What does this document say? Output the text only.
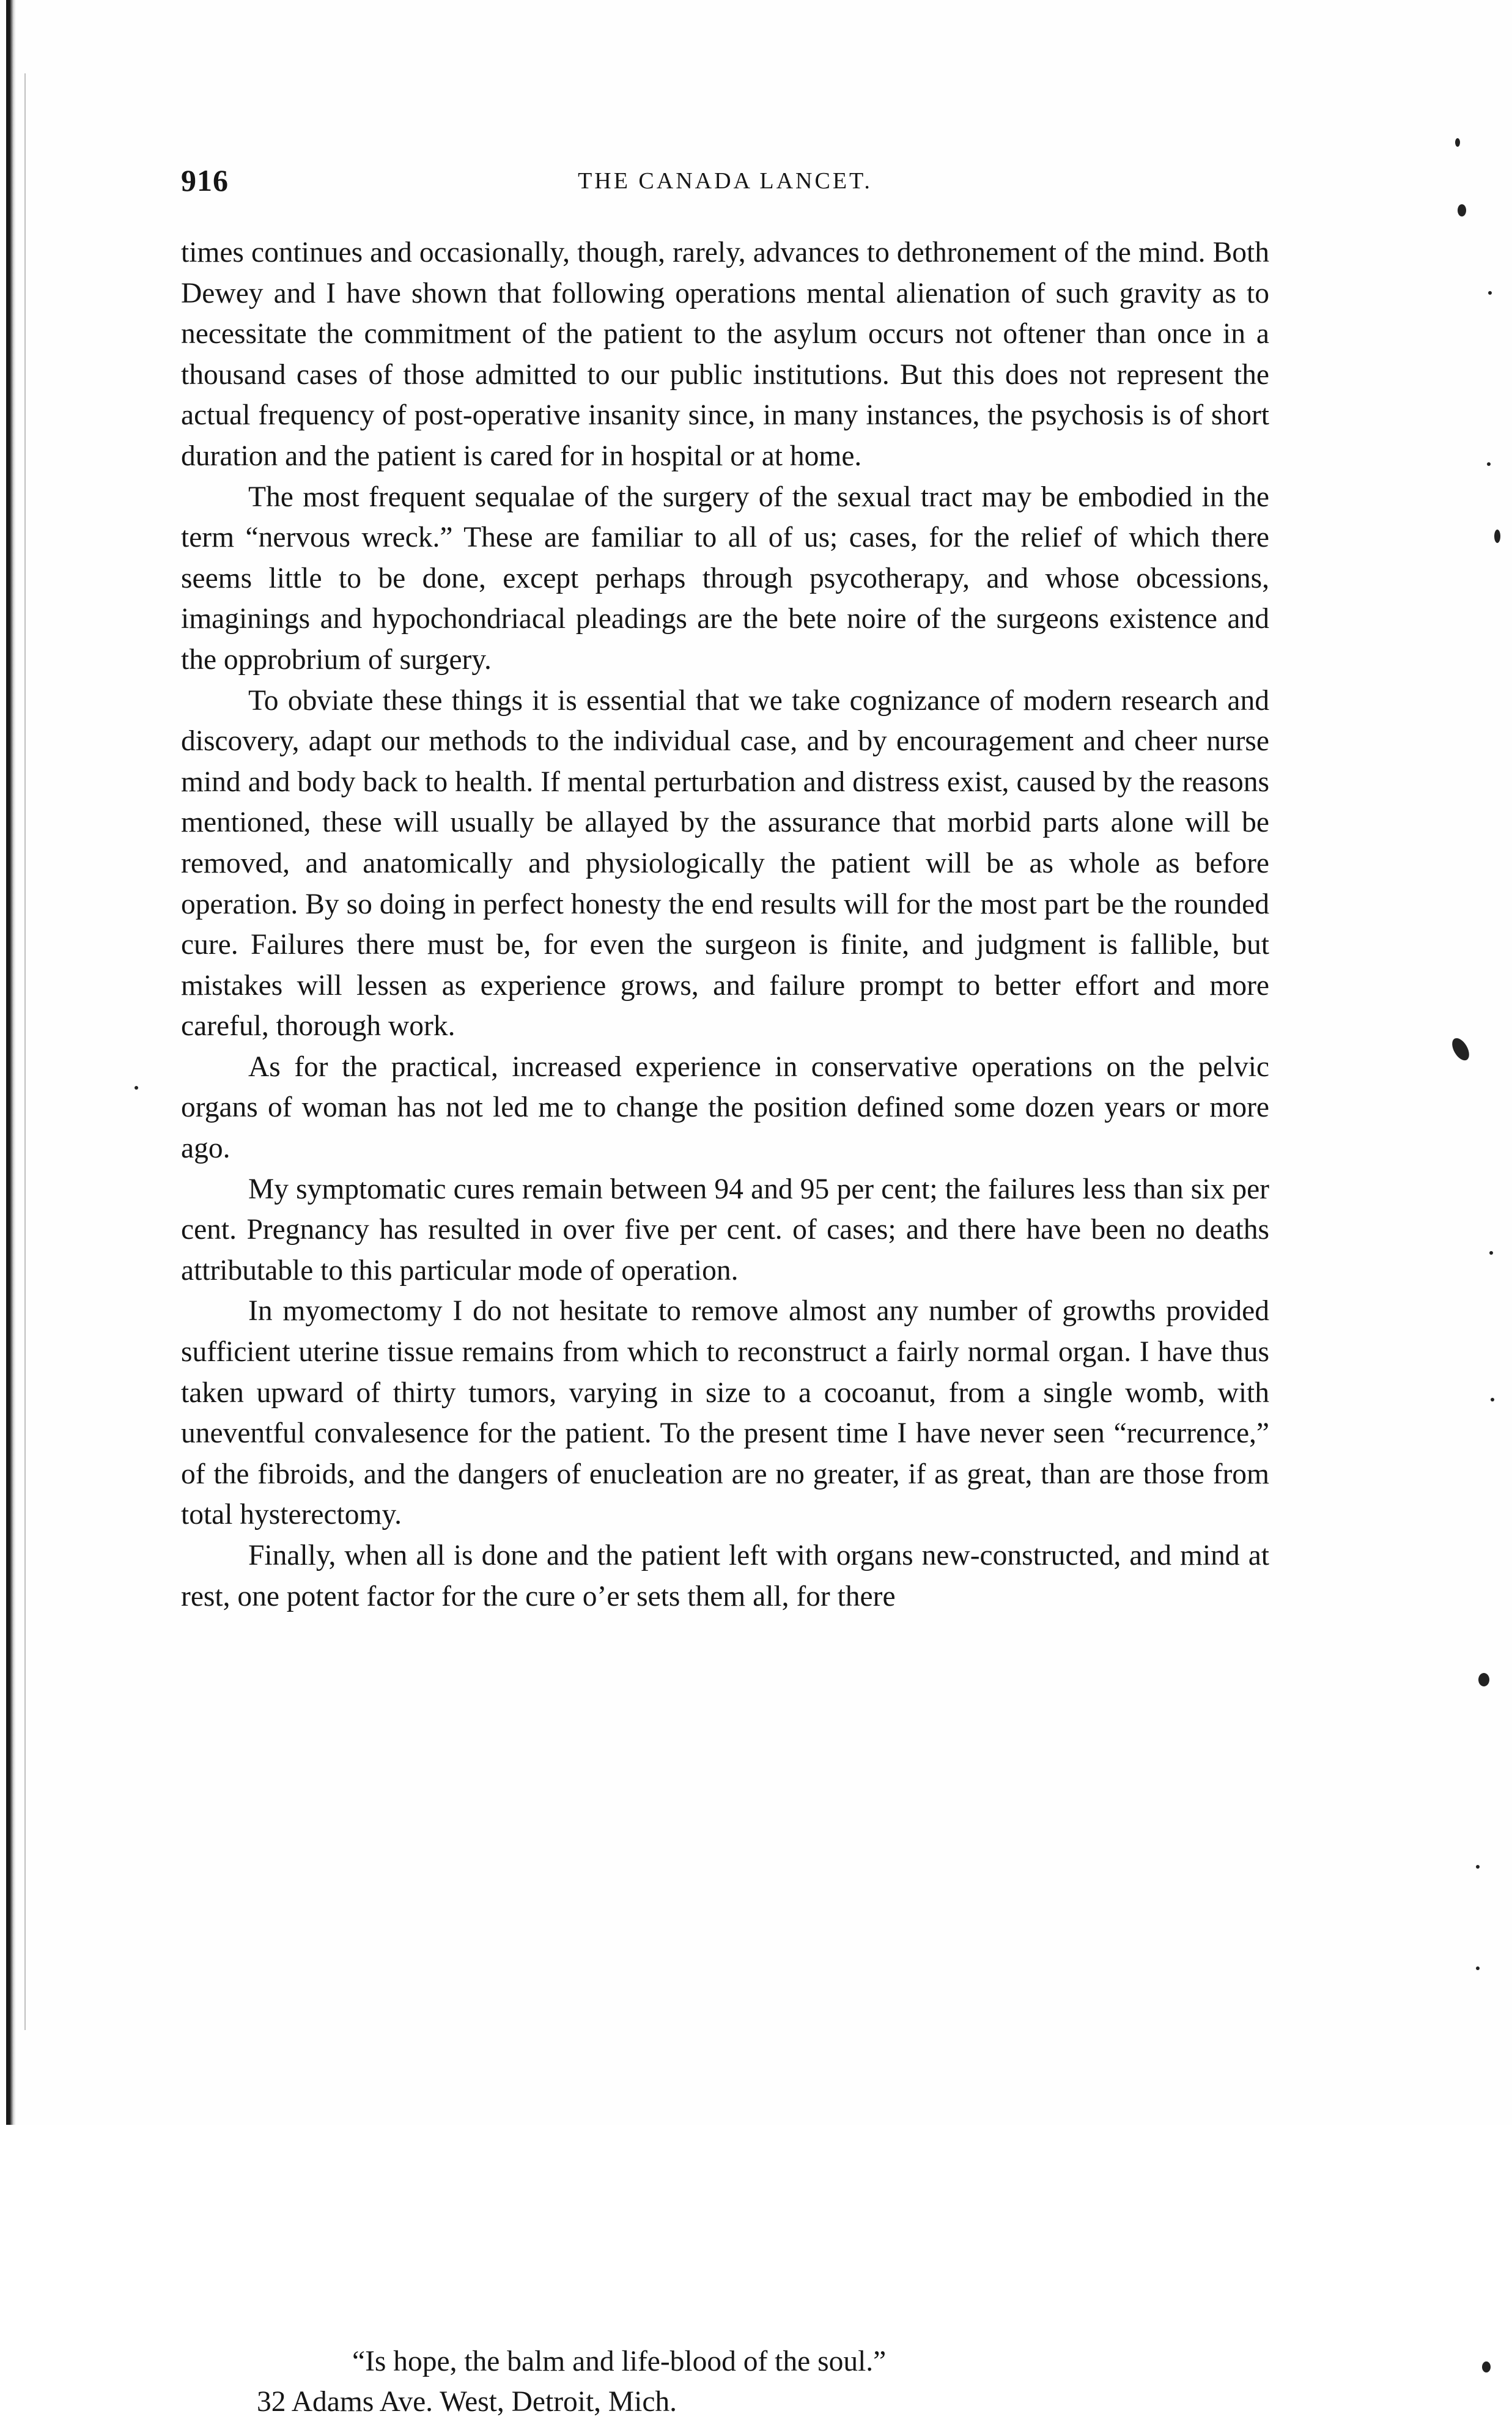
916	THE CANADA LANCET.

times continues and occasionally, though, rarely, advances to dethronement of the mind. Both Dewey and I have shown that following operations mental alienation of such gravity as to necessitate the commitment of the patient to the asylum occurs not oftener than once in a thousand cases of those admitted to our public institutions. But this does not represent the actual frequency of post-operative insanity since, in many instances, the psychosis is of short duration and the patient is cared for in hospital or at home.

The most frequent sequalae of the surgery of the sexual tract may be embodied in the term “nervous wreck.” These are familiar to all of us; cases, for the relief of which there seems little to be done, except perhaps through psycotherapy, and whose obcessions, imaginings and hypochondriacal pleadings are the bete noire of the surgeons existence and the opprobrium of surgery.

To obviate these things it is essential that we take cognizance of modern research and discovery, adapt our methods to the individual case, and by encouragement and cheer nurse mind and body back to health. If mental perturbation and distress exist, caused by the reasons mentioned, these will usually be allayed by the assurance that morbid parts alone will be removed, and anatomically and physiologically the patient will be as whole as before operation. By so doing in perfect honesty the end results will for the most part be the rounded cure. Failures there must be, for even the surgeon is finite, and judgment is fallible, but mistakes will lessen as experience grows, and failure prompt to better effort and more careful, thorough work.

As for the practical, increased experience in conservative operations on the pelvic organs of woman has not led me to change the position defined some dozen years or more ago.

My symptomatic cures remain between 94 and 95 per cent; the failures less than six per cent. Pregnancy has resulted in over five per cent. of cases; and there have been no deaths attributable to this particular mode of operation.

In myomectomy I do not hesitate to remove almost any number of growths provided sufficient uterine tissue remains from which to reconstruct a fairly normal organ. I have thus taken upward of thirty tumors, varying in size to a cocoanut, from a single womb, with uneventful convalesence for the patient. To the present time I have never seen “recurrence,” of the fibroids, and the dangers of enucleation are no greater, if as great, than are those from total hysterectomy.

Finally, when all is done and the patient left with organs new-constructed, and mind at rest, one potent factor for the cure o’er sets them all, for there

“Is hope, the balm and life-blood of the soul.”
32 Adams Ave. West, Detroit, Mich.
